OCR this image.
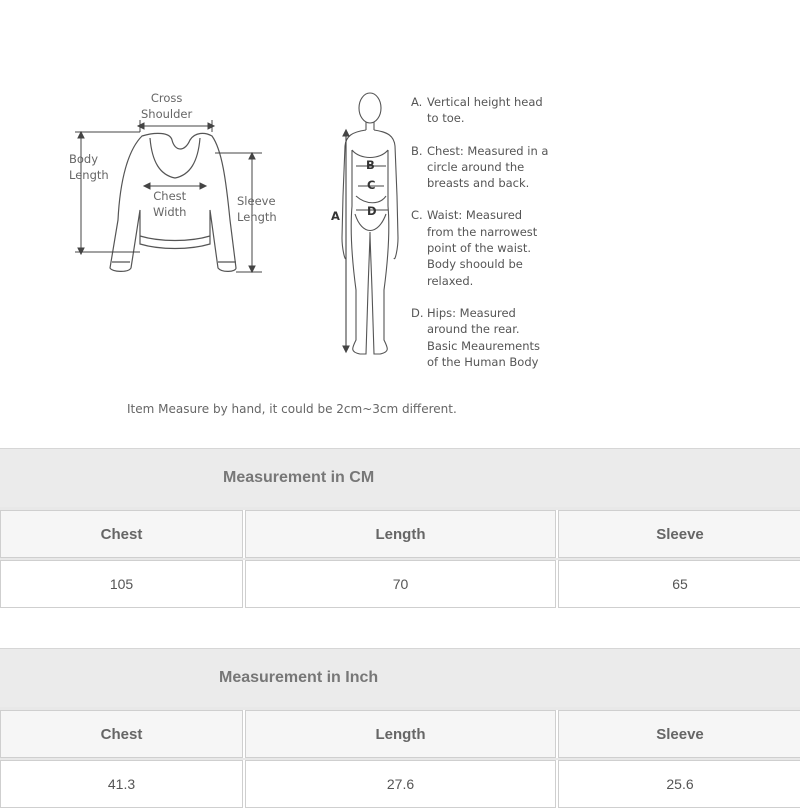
Cross
Shoulder
Body
Length
Chest
Width
Sleeve
Length	A
B
C
D
A. Vertical height head

to toe.

B. Chest: Measured in a

circle around the

breasts and back.

C. Waist: Measured

from the narrowest

point of the waist.

Body shoould be

relaxed.

D. Hips: Measured

around the rear.

Basic Meaurements

of the Human Body

Item Measure by hand, it could be 2cm~3cm different.
Measurement in CM
Chest	Length	Sleeve
105	70	65
Measurement in Inch
Chest	Length	Sleeve
41.3	27.6	25.6
